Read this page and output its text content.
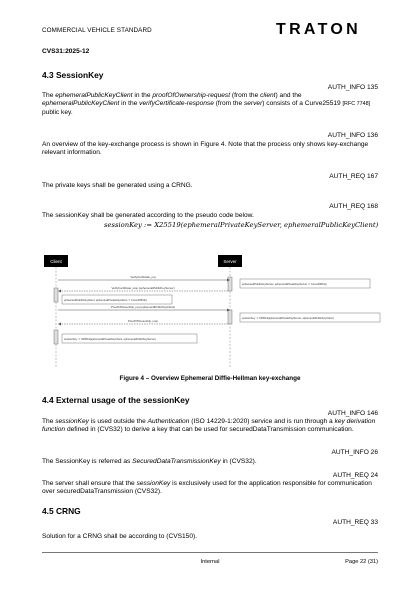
COMMERCIAL VEHICLE STANDARD	TRATON
CVS31:2025-12
4.3 SessionKey
AUTH_INFO 135
The ephemeralPublicKeyClient in the proofOfOwnership-request (from the client) and the ephemeralPublicKeyClient in the verifyCertificate-response (from the server) consists of a Curve25519 [RFC 7748] public key.
AUTH_INFO 136
An overview of the key-exchange process is shown in Figure 4. Note that the process only shows key-exchange relevant information.
AUTH_REQ 167
The private keys shall be generated using a CRNG.
AUTH_REQ 168
The sessionKey shall be generated according to the pseudo code below.
sessionKey := X25519(ephemeralPrivateKeyServer, ephemeralPublicKeyClient)
Client	Server
VerifyCertificate_req
ephemeralPublicKeyServer, ephemeralPrivateKeyServer := Curve25519()
VerifyCertificate_resp (ephemeralPublicKeyServer)
ephemeralPublicKeyClient, ephemeralPrivateKeyClient := Curve25519()
ProofOfOwnership_req (ephemeralPublicKeyClient)
sessionKey := X25519(ephemeralPrivateKeyServer, ephemeralPublicKeyClient)
ProofOfOwnership_resp
sessionKey := X25519(ephemeralPrivateKeyClient, ephemeralPublicKeyServer)
Figure 4 – Overview Ephemeral Diffie-Hellman key-exchange
4.4 External usage of the sessionKey
AUTH_INFO 146
The sessionKey is used outside the Authentication (ISO 14229-1:2020) service and is run through a key derivation function defined in (CVS32) to derive a key that can be used for securedDataTransmission communication.
AUTH_INFO 26
The SessionKey is referred as SecuredDataTransmissionKey in (CVS32).
AUTH_REQ 24
The server shall ensure that the sessionKey is exclusively used for the application responsible for communication over securedDataTransmission (CVS32).
4.5 CRNG
AUTH_REQ 33
Solution for a CRNG shall be according to (CVS150).
Internal	Page 22 (31)
